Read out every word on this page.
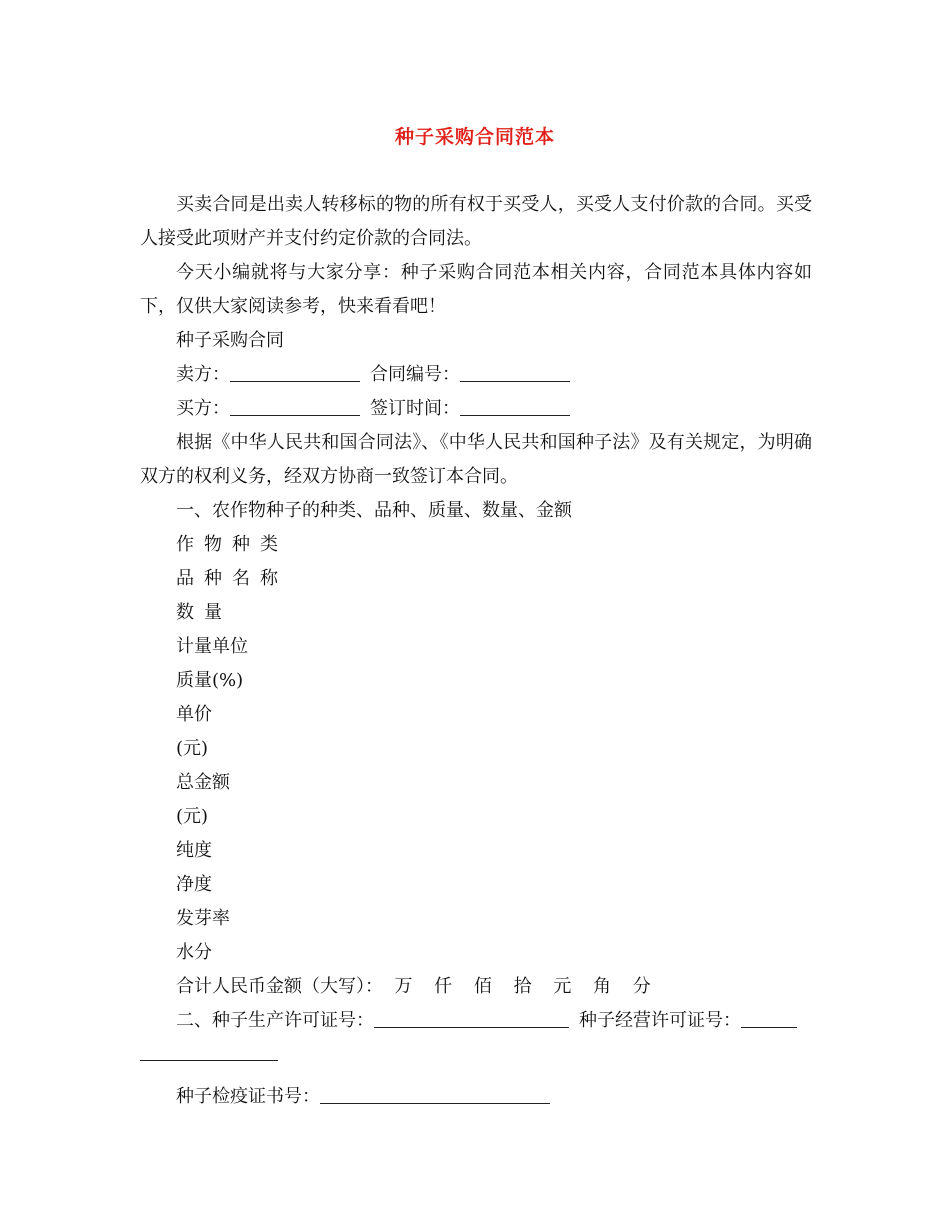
种子采购合同范本

买卖合同是出卖人转移标的物的所有权于买受人，买受人支付价款的合同。买受人接受此项财产并支付约定价款的合同法。

今天小编就将与大家分享：种子采购合同范本相关内容，合同范本具体内容如下，仅供大家阅读参考，快来看看吧！

种子采购合同

卖方：	合同编号：

买方：	签订时间：

根据《中华人民共和国合同法》、《中华人民共和国种子法》及有关规定，为明确双方的权利义务，经双方协商一致签订本合同。

一、农作物种子的种类、品种、质量、数量、金额

作物种类

品种名称

数量

计量单位

质量(%)

单价

(元)

总金额

(元)

纯度

净度

发芽率

水分

合计人民币金额（大写）： 万 仟 佰 拾 元 角 分

二、种子生产许可证号：	种子经营许可证号：

种子检疫证书号：
